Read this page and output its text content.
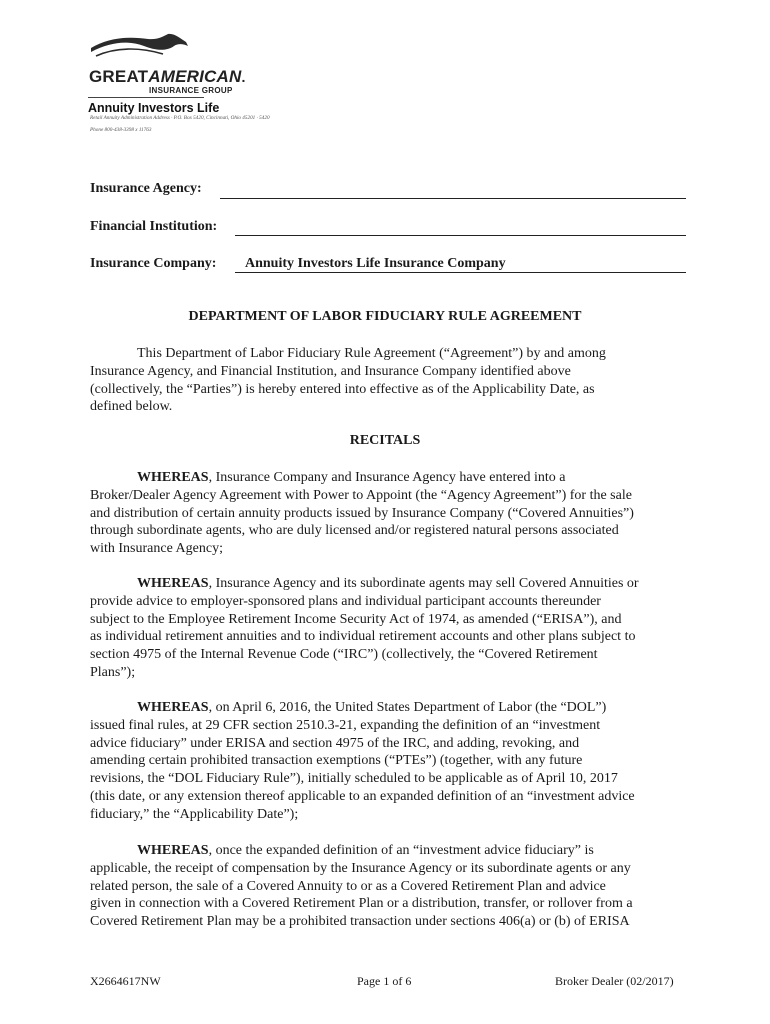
GREATAMERICAN.
INSURANCE GROUP
Annuity Investors Life
Retail Annuity Administration Address · P.O. Box 5420, Cincinnati, Ohio 45201 · 5420
Phone 800-438-3398 x 11763
Insurance Agency:
Financial Institution:
Insurance Company: Annuity Investors Life Insurance Company
DEPARTMENT OF LABOR FIDUCIARY RULE AGREEMENT
This Department of Labor Fiduciary Rule Agreement (“Agreement”) by and among
Insurance Agency, and Financial Institution, and Insurance Company identified above
(collectively, the “Parties”) is hereby entered into effective as of the Applicability Date, as
defined below.
RECITALS
WHEREAS, Insurance Company and Insurance Agency have entered into a
Broker/Dealer Agency Agreement with Power to Appoint (the “Agency Agreement”) for the sale
and distribution of certain annuity products issued by Insurance Company (“Covered Annuities”)
through subordinate agents, who are duly licensed and/or registered natural persons associated
with Insurance Agency;
WHEREAS, Insurance Agency and its subordinate agents may sell Covered Annuities or
provide advice to employer-sponsored plans and individual participant accounts thereunder
subject to the Employee Retirement Income Security Act of 1974, as amended (“ERISA”), and
as individual retirement annuities and to individual retirement accounts and other plans subject to
section 4975 of the Internal Revenue Code (“IRC”) (collectively, the “Covered Retirement
Plans”);
WHEREAS, on April 6, 2016, the United States Department of Labor (the “DOL”)
issued final rules, at 29 CFR section 2510.3-21, expanding the definition of an “investment
advice fiduciary” under ERISA and section 4975 of the IRC, and adding, revoking, and
amending certain prohibited transaction exemptions (“PTEs”) (together, with any future
revisions, the “DOL Fiduciary Rule”), initially scheduled to be applicable as of April 10, 2017
(this date, or any extension thereof applicable to an expanded definition of an “investment advice
fiduciary,” the “Applicability Date”);
WHEREAS, once the expanded definition of an “investment advice fiduciary” is
applicable, the receipt of compensation by the Insurance Agency or its subordinate agents or any
related person, the sale of a Covered Annuity to or as a Covered Retirement Plan and advice
given in connection with a Covered Retirement Plan or a distribution, transfer, or rollover from a
Covered Retirement Plan may be a prohibited transaction under sections 406(a) or (b) of ERISA
X2664617NW	Page 1 of 6	Broker Dealer (02/2017)
